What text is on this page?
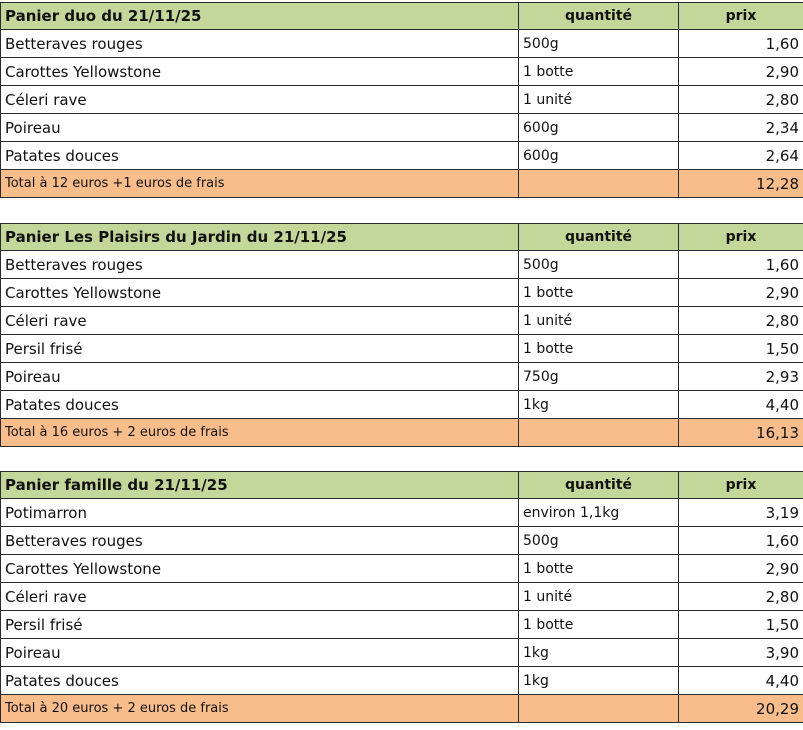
Panier duo du 21/11/25	quantité	prix
Betteraves rouges	500g	1,60
Carottes Yellowstone	1 botte	2,90
Céleri rave	1 unité	2,80
Poireau	600g	2,34
Patates douces	600g	2,64
Total à 12 euros +1 euros de frais		12,28
Panier Les Plaisirs du Jardin du 21/11/25	quantité	prix
Betteraves rouges	500g	1,60
Carottes Yellowstone	1 botte	2,90
Céleri rave	1 unité	2,80
Persil frisé	1 botte	1,50
Poireau	750g	2,93
Patates douces	1kg	4,40
Total à 16 euros + 2 euros de frais		16,13
Panier famille du 21/11/25	quantité	prix
Potimarron	environ 1,1kg	3,19
Betteraves rouges	500g	1,60
Carottes Yellowstone	1 botte	2,90
Céleri rave	1 unité	2,80
Persil frisé	1 botte	1,50
Poireau	1kg	3,90
Patates douces	1kg	4,40
Total à 20 euros + 2 euros de frais		20,29
